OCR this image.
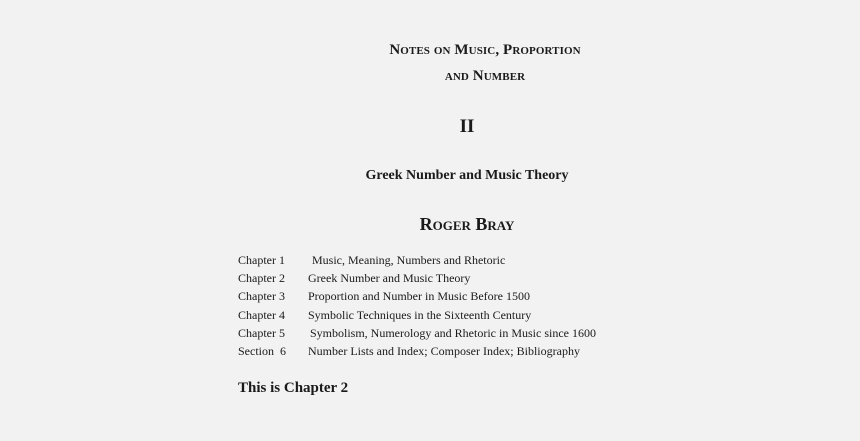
Notes on Music, Proportion
and Number
II
Greek Number and Music Theory
Roger Bray
Chapter 1	Music, Meaning, Numbers and Rhetoric
Chapter 2	Greek Number and Music Theory
Chapter 3	Proportion and Number in Music Before 1500
Chapter 4	Symbolic Techniques in the Sixteenth Century
Chapter 5	Symbolism, Numerology and Rhetoric in Music since 1600
Section  6	Number Lists and Index; Composer Index; Bibliography
This is Chapter 2
